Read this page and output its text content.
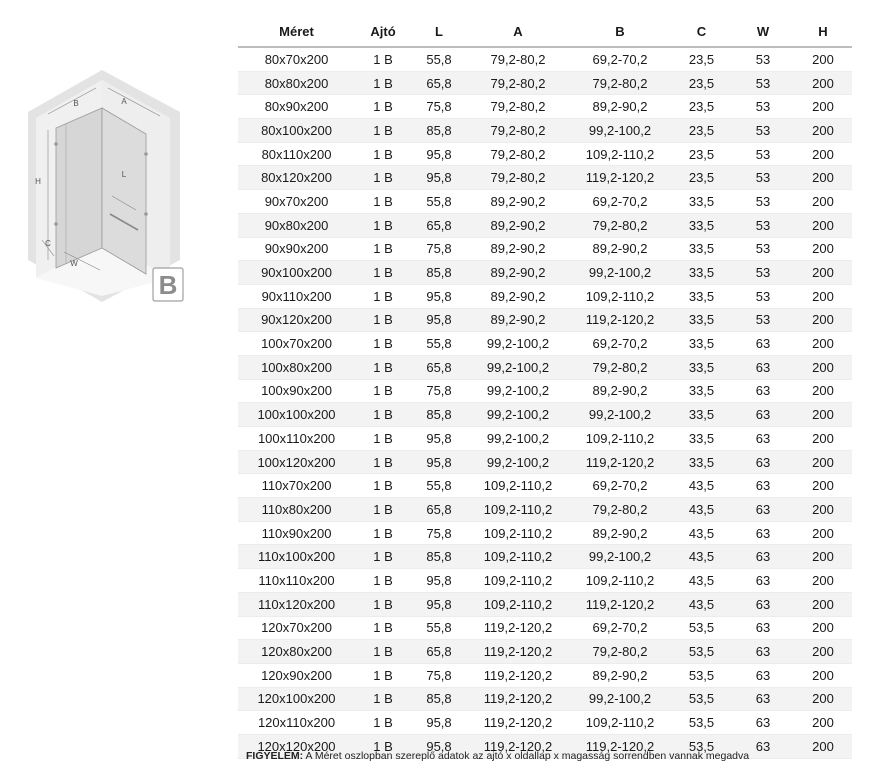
B	A
H
L
C
W
B
Méret	Ajtó	L	A	B	C	W	H
80x70x200	1 B	55,8	79,2-80,2	69,2-70,2	23,5	53	200
80x80x200	1 B	65,8	79,2-80,2	79,2-80,2	23,5	53	200
80x90x200	1 B	75,8	79,2-80,2	89,2-90,2	23,5	53	200
80x100x200	1 B	85,8	79,2-80,2	99,2-100,2	23,5	53	200
80x110x200	1 B	95,8	79,2-80,2	109,2-110,2	23,5	53	200
80x120x200	1 B	95,8	79,2-80,2	119,2-120,2	23,5	53	200
90x70x200	1 B	55,8	89,2-90,2	69,2-70,2	33,5	53	200
90x80x200	1 B	65,8	89,2-90,2	79,2-80,2	33,5	53	200
90x90x200	1 B	75,8	89,2-90,2	89,2-90,2	33,5	53	200
90x100x200	1 B	85,8	89,2-90,2	99,2-100,2	33,5	53	200
90x110x200	1 B	95,8	89,2-90,2	109,2-110,2	33,5	53	200
90x120x200	1 B	95,8	89,2-90,2	119,2-120,2	33,5	53	200
100x70x200	1 B	55,8	99,2-100,2	69,2-70,2	33,5	63	200
100x80x200	1 B	65,8	99,2-100,2	79,2-80,2	33,5	63	200
100x90x200	1 B	75,8	99,2-100,2	89,2-90,2	33,5	63	200
100x100x200	1 B	85,8	99,2-100,2	99,2-100,2	33,5	63	200
100x110x200	1 B	95,8	99,2-100,2	109,2-110,2	33,5	63	200
100x120x200	1 B	95,8	99,2-100,2	119,2-120,2	33,5	63	200
110x70x200	1 B	55,8	109,2-110,2	69,2-70,2	43,5	63	200
110x80x200	1 B	65,8	109,2-110,2	79,2-80,2	43,5	63	200
110x90x200	1 B	75,8	109,2-110,2	89,2-90,2	43,5	63	200
110x100x200	1 B	85,8	109,2-110,2	99,2-100,2	43,5	63	200
110x110x200	1 B	95,8	109,2-110,2	109,2-110,2	43,5	63	200
110x120x200	1 B	95,8	109,2-110,2	119,2-120,2	43,5	63	200
120x70x200	1 B	55,8	119,2-120,2	69,2-70,2	53,5	63	200
120x80x200	1 B	65,8	119,2-120,2	79,2-80,2	53,5	63	200
120x90x200	1 B	75,8	119,2-120,2	89,2-90,2	53,5	63	200
120x100x200	1 B	85,8	119,2-120,2	99,2-100,2	53,5	63	200
120x110x200	1 B	95,8	119,2-120,2	109,2-110,2	53,5	63	200
120x120x200	1 B	95,8	119,2-120,2	119,2-120,2	53,5	63	200
FIGYELEM: A Méret oszlopban szereplő adatok az ajtó x oldallap x magasság sorrendben vannak megadva
